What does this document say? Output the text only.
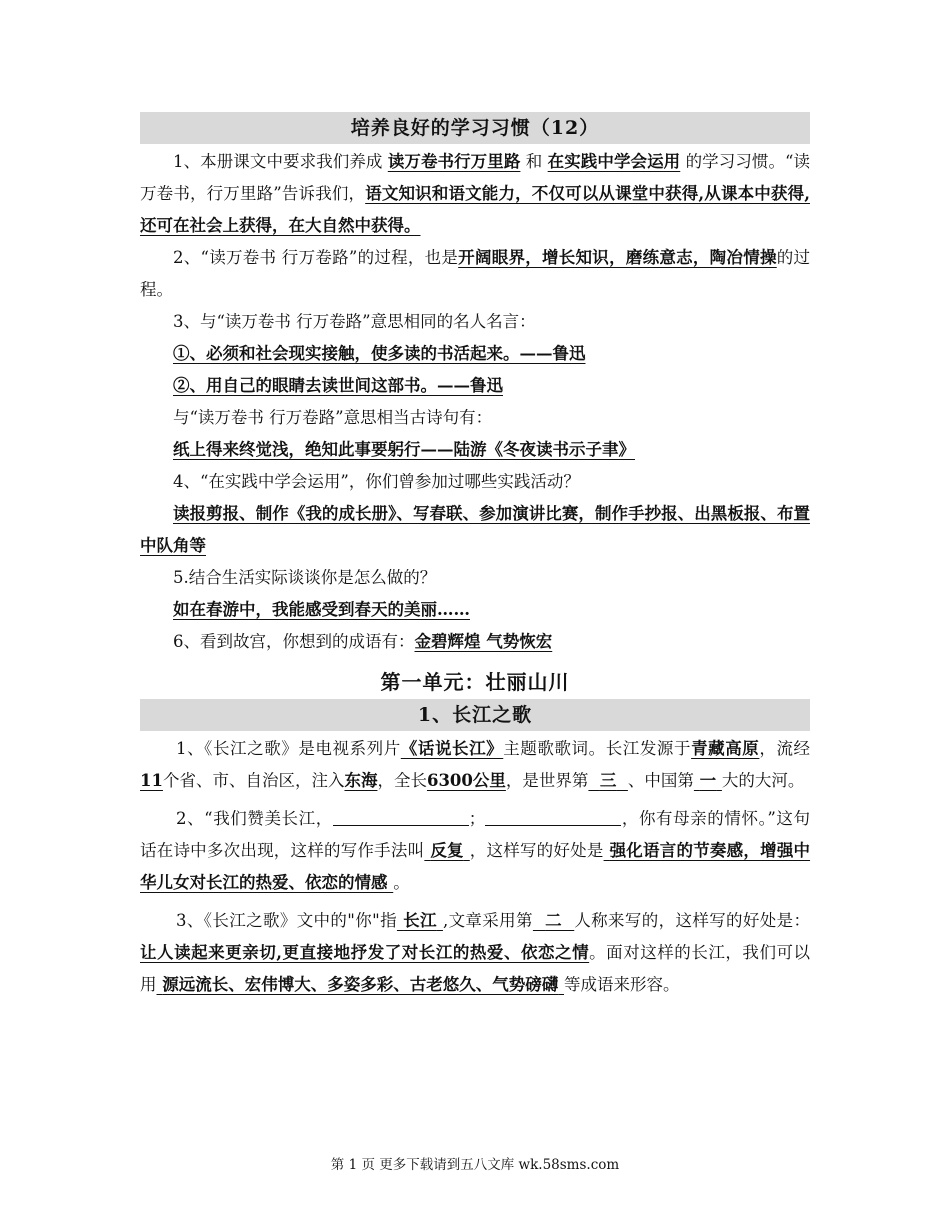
培养良好的学习习惯（12）

1、本册课文中要求我们养成 读万卷书行万里路 和 在实践中学会运用 的学习习惯。“读万卷书，行万里路”告诉我们，语文知识和语文能力，不仅可以从课堂中获得,从课本中获得,还可在社会上获得，在大自然中获得。

2、“读万卷书 行万卷路”的过程，也是开阔眼界，增长知识，磨练意志，陶冶情操的过程。

3、与“读万卷书 行万卷路”意思相同的名人名言：

①、必须和社会现实接触，使多读的书活起来。——鲁迅

②、用自己的眼睛去读世间这部书。——鲁迅

与“读万卷书 行万卷路”意思相当古诗句有：

纸上得来终觉浅，绝知此事要躬行——陆游《冬夜读书示子聿》

4、“在实践中学会运用”，你们曾参加过哪些实践活动？

读报剪报、制作《我的成长册》、写春联、参加演讲比赛，制作手抄报、出黑板报、布置中队角等

5.结合生活实际谈谈你是怎么做的？

如在春游中，我能感受到春天的美丽……

6、看到故宫，你想到的成语有：金碧辉煌 气势恢宏

第一单元：壮丽山川
1、长江之歌

1、《长江之歌》是电视系列片《话说长江》主题歌歌词。长江发源于青藏高原，流经11个省、市、自治区，注入东海，全长6300公里，是世界第 三 、中国第 一 大的大河。

2、“我们赞美长江，	；	，你有母亲的情怀。”这句话在诗中多次出现，这样的写作手法叫 反复 ，这样写的好处是 强化语言的节奏感，增强中华儿女对长江的热爱、依恋的情感 。

3、《长江之歌》文中的"你"指 长江 ,文章采用第 二 人称来写的，这样写的好处是：让人读起来更亲切,更直接地抒发了对长江的热爱、依恋之情。面对这样的长江，我们可以用 源远流长、宏伟博大、多姿多彩、古老悠久、气势磅礴 等成语来形容。

第 1 页 更多下载请到五八文库 wk.58sms.com
